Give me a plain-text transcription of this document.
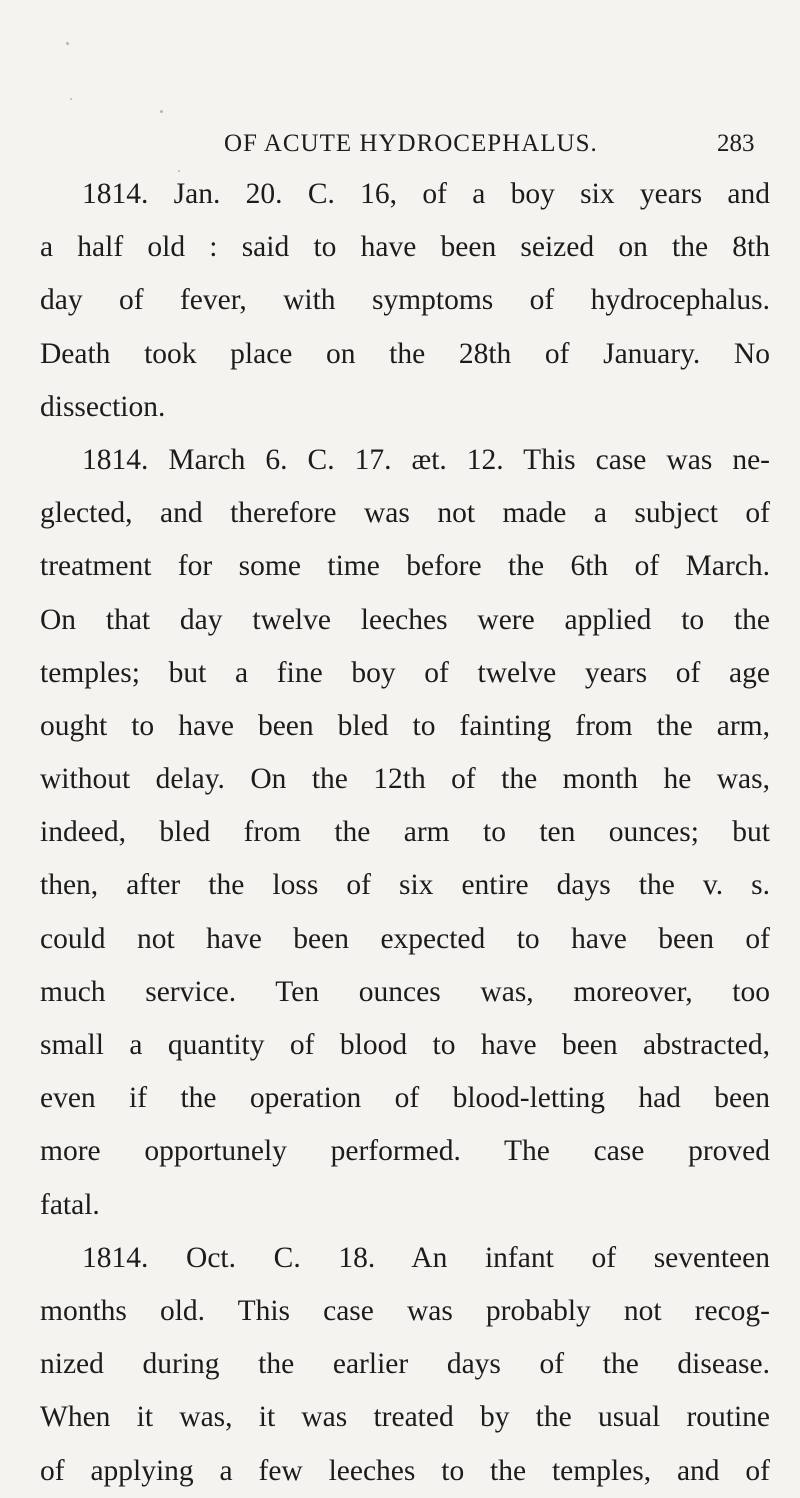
OF ACUTE HYDROCEPHALUS.	283
1814. Jan. 20. C. 16, of a boy six years and
a half old : said to have been seized on the 8th
day of fever, with symptoms of hydrocephalus.
Death took place on the 28th of January. No
dissection.
1814. March 6. C. 17. æt. 12. This case was ne-
glected, and therefore was not made a subject of
treatment for some time before the 6th of March.
On that day twelve leeches were applied to the
temples; but a fine boy of twelve years of age
ought to have been bled to fainting from the arm,
without delay. On the 12th of the month he was,
indeed, bled from the arm to ten ounces; but
then, after the loss of six entire days the v. s.
could not have been expected to have been of
much service. Ten ounces was, moreover, too
small a quantity of blood to have been abstracted,
even if the operation of blood-letting had been
more opportunely performed. The case proved
fatal.
1814. Oct. C. 18. An infant of seventeen
months old. This case was probably not recog-
nized during the earlier days of the disease.
When it was, it was treated by the usual routine
of applying a few leeches to the temples, and of
